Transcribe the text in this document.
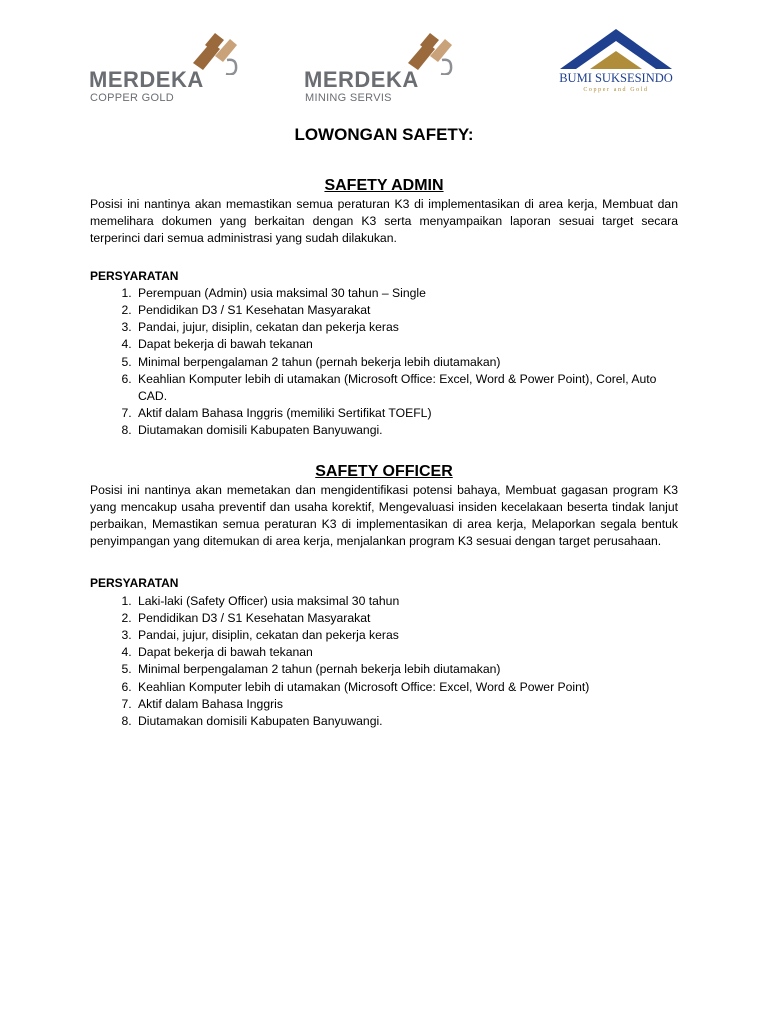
MERDEKA
COPPER GOLD
MERDEKA
MINING SERVIS
BUMI SUKSESINDO
Copper and Gold
LOWONGAN SAFETY:
SAFETY ADMIN

Posisi ini nantinya akan memastikan semua peraturan K3 di implementasikan di area kerja, Membuat dan memelihara dokumen yang berkaitan dengan K3 serta menyampaikan laporan sesuai target secara terperinci dari semua administrasi yang sudah dilakukan.

PERSYARATAN

1. Perempuan (Admin) usia maksimal 30 tahun – Single
2. Pendidikan D3 / S1 Kesehatan Masyarakat
3. Pandai, jujur, disiplin, cekatan dan pekerja keras
4. Dapat bekerja di bawah tekanan
5. Minimal berpengalaman 2 tahun (pernah bekerja lebih diutamakan)
6. Keahlian Komputer lebih di utamakan (Microsoft Office: Excel, Word & Power Point), Corel, Auto CAD.
7. Aktif dalam Bahasa Inggris (memiliki Sertifikat TOEFL)
8. Diutamakan domisili Kabupaten Banyuwangi.
SAFETY OFFICER

Posisi ini nantinya akan memetakan dan mengidentifikasi potensi bahaya, Membuat gagasan program K3 yang mencakup usaha preventif dan usaha korektif, Mengevaluasi insiden kecelakaan beserta tindak lanjut perbaikan, Memastikan semua peraturan K3 di implementasikan di area kerja, Melaporkan segala bentuk penyimpangan yang ditemukan di area kerja, menjalankan program K3 sesuai dengan target perusahaan.

PERSYARATAN

1. Laki-laki (Safety Officer) usia maksimal 30 tahun
2. Pendidikan D3 / S1 Kesehatan Masyarakat
3. Pandai, jujur, disiplin, cekatan dan pekerja keras
4. Dapat bekerja di bawah tekanan
5. Minimal berpengalaman 2 tahun (pernah bekerja lebih diutamakan)
6. Keahlian Komputer lebih di utamakan (Microsoft Office: Excel, Word & Power Point)
7. Aktif dalam Bahasa Inggris
8. Diutamakan domisili Kabupaten Banyuwangi.
